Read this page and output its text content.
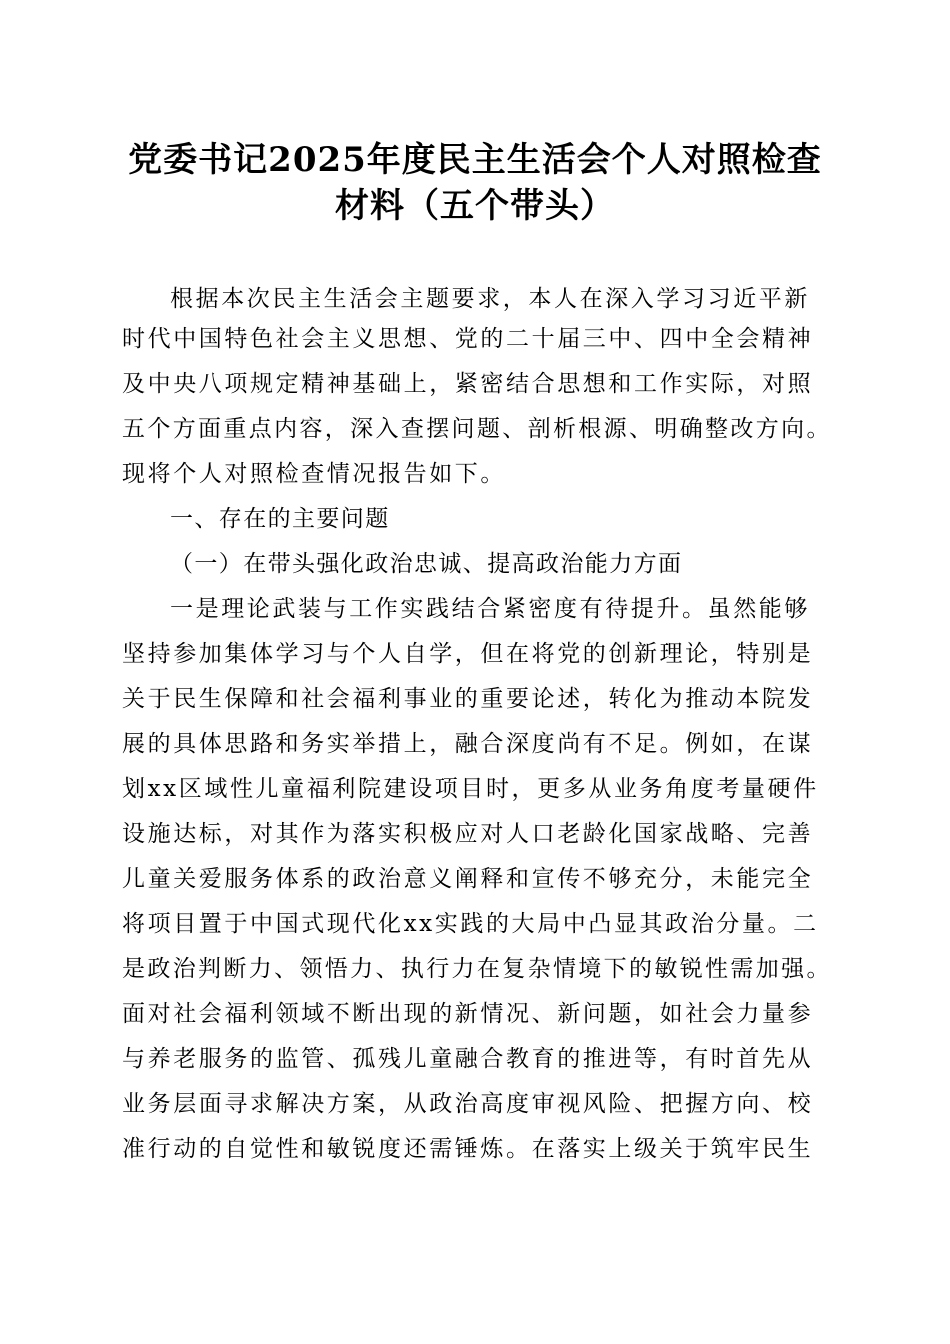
党委书记2025年度民主生活会个人对照检查
材料（五个带头）

根据本次民主生活会主题要求，本人在深入学习习近平新

时代中国特色社会主义思想、党的二十届三中、四中全会精神

及中央八项规定精神基础上，紧密结合思想和工作实际，对照

五个方面重点内容，深入查摆问题、剖析根源、明确整改方向。

现将个人对照检查情况报告如下。

一、存在的主要问题

（一）在带头强化政治忠诚、提高政治能力方面

一是理论武装与工作实践结合紧密度有待提升。虽然能够

坚持参加集体学习与个人自学，但在将党的创新理论，特别是

关于民生保障和社会福利事业的重要论述，转化为推动本院发

展的具体思路和务实举措上，融合深度尚有不足。例如，在谋

划xx区域性儿童福利院建设项目时，更多从业务角度考量硬件

设施达标，对其作为落实积极应对人口老龄化国家战略、完善

儿童关爱服务体系的政治意义阐释和宣传不够充分，未能完全

将项目置于中国式现代化xx实践的大局中凸显其政治分量。二

是政治判断力、领悟力、执行力在复杂情境下的敏锐性需加强。

面对社会福利领域不断出现的新情况、新问题，如社会力量参

与养老服务的监管、孤残儿童融合教育的推进等，有时首先从

业务层面寻求解决方案，从政治高度审视风险、把握方向、校

准行动的自觉性和敏锐度还需锤炼。在落实上级关于筑牢民生
